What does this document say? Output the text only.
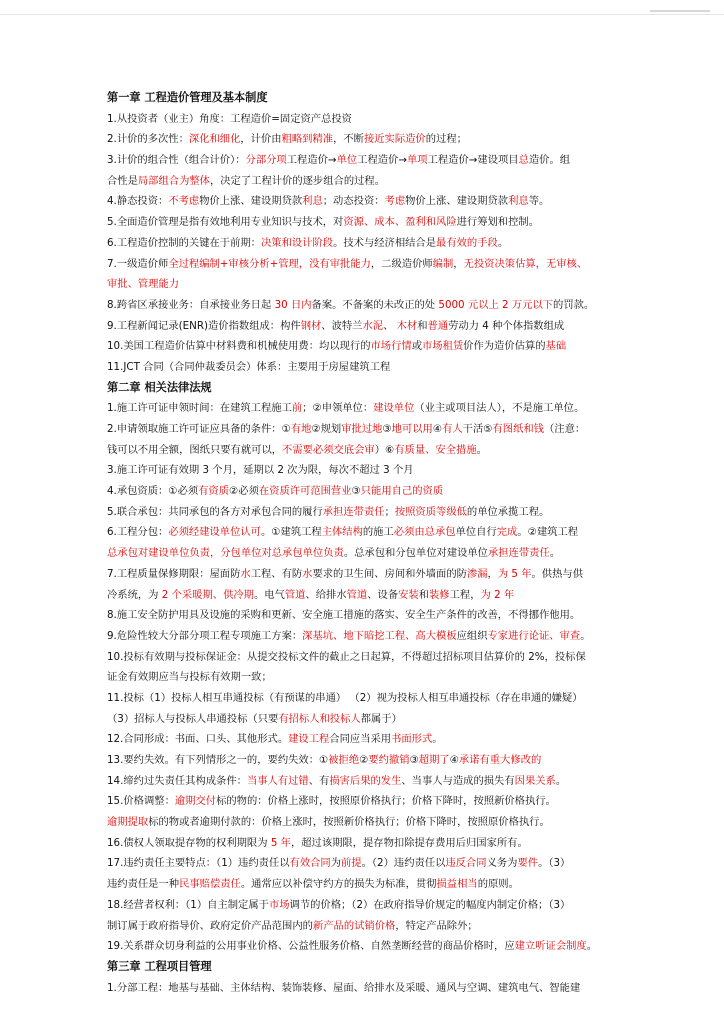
第一章 工程造价管理及基本制度
1.从投资者（业主）角度：工程造价=固定资产总投资
2.计价的多次性：深化和细化，计价由粗略到精准，不断接近实际造价的过程；
3.计价的组合性（组合计价）：分部分项工程造价→单位工程造价→单项工程造价→建设项目总造价。组
合性是局部组合为整体，决定了工程计价的逐步组合的过程。
4.静态投资：不考虑物价上涨、建设期贷款利息；动态投资：考虑物价上涨、建设期贷款利息等。
5.全面造价管理是指有效地利用专业知识与技术，对资源、成本、盈利和风险进行筹划和控制。
6.工程造价控制的关键在于前期：决策和设计阶段。技术与经济相结合是最有效的手段。
7.一级造价师全过程编制+审核分析+管理，没有审批能力，二级造价师编制，无投资决策估算，无审核、
审批、管理能力
8.跨省区承接业务：自承接业务日起 30 日内备案。不备案的未改正的处 5000 元以上 2 万元以下的罚款。
9.工程新闻记录(ENR)造价指数组成：构件钢材、波特兰水泥、 木材和普通劳动力 4 种个体指数组成
10.美国工程造价估算中材料费和机械使用费：均以现行的市场行情或市场租赁价作为造价估算的基础
11.JCT 合同（合同仲裁委员会）体系：主要用于房屋建筑工程
第二章 相关法律法规
1.施工许可证申领时间：在建筑工程施工前；②申领单位：建设单位（业主或项目法人），不是施工单位。
2.申请领取施工许可证应具备的条件：①有地②规划审批过地③地可以用④有人干活⑤有图纸和钱（注意：
钱可以不用全额，图纸只要有就可以，不需要必须交底会审）⑥有质量、安全措施。
3.施工许可证有效期 3 个月，延期以 2 次为限，每次不超过 3 个月
4.承包资质：①必须有资质②必须在资质许可范围营业③只能用自己的资质
5.联合承包：共同承包的各方对承包合同的履行承担连带责任；按照资质等级低的单位承揽工程。
6.工程分包：必须经建设单位认可。①建筑工程主体结构的施工必须由总承包单位自行完成。②建筑工程
总承包对建设单位负责，分包单位对总承包单位负责。总承包和分包单位对建设单位承担连带责任。
7.工程质量保修期限：屋面防水工程、有防水要求的卫生间、房间和外墙面的防渗漏，为 5 年。供热与供
冷系统，为 2 个采暖期、供冷期。电气管道、给排水管道、设备安装和装修工程，为 2 年
8.施工安全防护用具及设施的采购和更新、安全施工措施的落实、安全生产条件的改善，不得挪作他用。
9.危险性较大分部分项工程专项施工方案：深基坑、地下暗挖工程、高大模板应组织专家进行论证、审查。
10.投标有效期与投标保证金：从提交投标文件的截止之日起算，不得超过招标项目估算价的 2%，投标保
证金有效期应当与投标有效期一致；
11.投标（1）投标人相互串通投标（有预谋的串通） （2）视为投标人相互串通投标（存在串通的嫌疑）
（3）招标人与投标人串通投标（只要有招标人和投标人都属于）
12.合同形成：书面、口头、其他形式。建设工程合同应当采用书面形式。
13.要约失效。有下列情形之一的，要约失效：①被拒绝②要约撤销③超期了④承诺有重大修改的
14.缔约过失责任其构成条件：当事人有过错、有损害后果的发生、当事人与造成的损失有因果关系。
15.价格调整：逾期交付标的物的：价格上涨时，按照原价格执行；价格下降时，按照新价格执行。
逾期提取标的物或者逾期付款的：价格上涨时，按照新价格执行；价格下降时，按照原价格执行。
16.债权人领取提存物的权利期限为 5 年，超过该期限，提存物扣除提存费用后归国家所有。
17.违约责任主要特点：（1）违约责任以有效合同为前提。（2）违约责任以违反合同义务为要件。（3）
违约责任是一种民事赔偿责任。通常应以补偿守约方的损失为标准，贯彻损益相当的原则。
18.经营者权利：（1）自主制定属于市场调节的价格；（2）在政府指导价规定的幅度内制定价格；（3）
制订属于政府指导价、政府定价产品范围内的新产品的试销价格，特定产品除外；
19.关系群众切身利益的公用事业价格、公益性服务价格、自然垄断经营的商品价格时，应建立听证会制度。
第三章 工程项目管理
1.分部工程：地基与基础、主体结构、装饰装修、屋面、给排水及采暖、通风与空调、建筑电气、智能建
